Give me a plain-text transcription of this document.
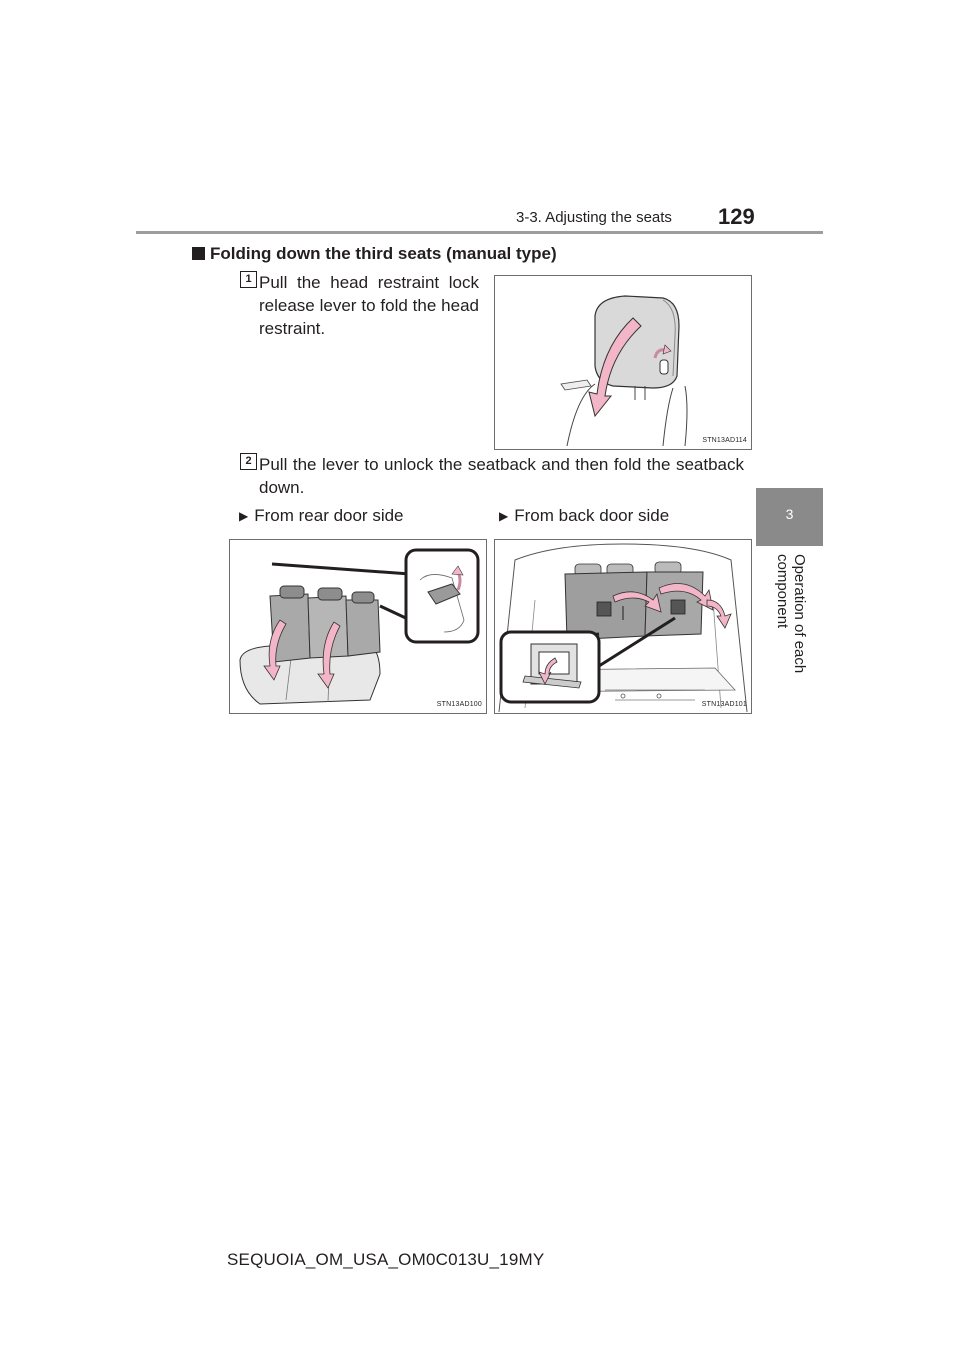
3-3. Adjusting the seats 129
3
Operation of each component
Folding down the third seats (manual type)
1 Pull the head restraint lock release lever to fold the head restraint.
STN13AD114
2 Pull the lever to unlock the seatback and then fold the seatback down.
▶ From rear door side	▶ From back door side
STN13AD100	STN13AD101
SEQUOIA_OM_USA_OM0C013U_19MY
